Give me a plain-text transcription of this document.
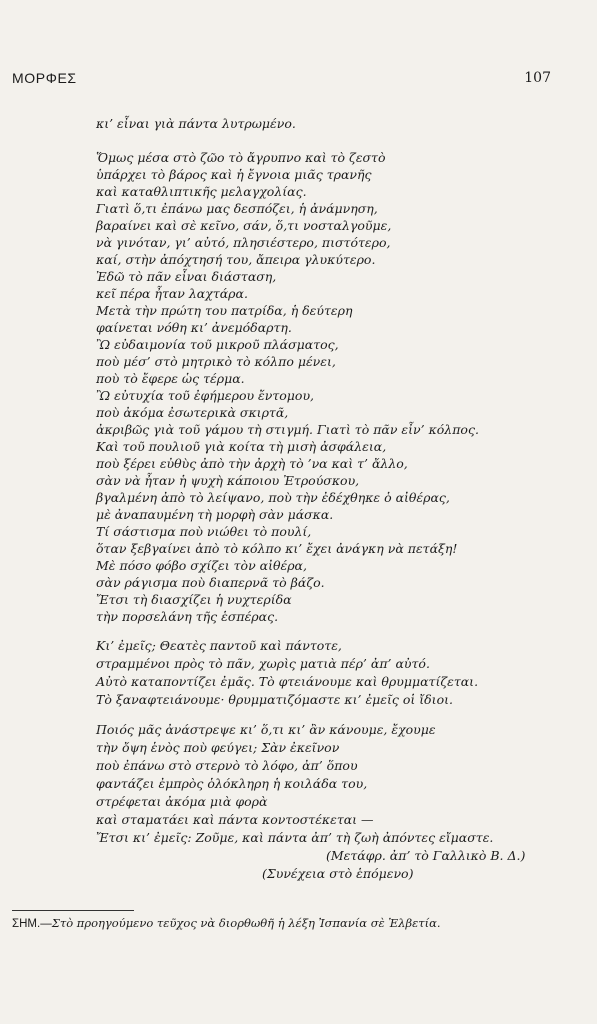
ΜΟΡΦΕΣ	107
κι’ εἶναι γιὰ πάντα λυτρωμένο.
Ὅμως μέσα στὸ ζῶο τὸ ἄγρυπνο καὶ τὸ ζεστὸ
ὑπάρχει τὸ βάρος καὶ ἡ ἔγνοια μιᾶς τρανῆς
καὶ καταθλιπτικῆς μελαγχολίας.
Γιατὶ ὅ,τι ἐπάνω μας δεσπόζει, ἡ ἀνάμνηση,
βαραίνει καὶ σὲ κεῖνο, σάν, ὅ,τι νοσταλγοῦμε,
νὰ γινόταν, γι’ αὐτό, πλησιέστερο, πιστότερο,
καί, στὴν ἀπόχτησή του, ἄπειρα γλυκύτερο.
Ἐδῶ τὸ πᾶν εἶναι διάσταση,
κεῖ πέρα ἦταν λαχτάρα.
Μετὰ τὴν πρώτη του πατρίδα, ἡ δεύτερη
φαίνεται νόθη κι’ ἀνεμόδαρτη.
Ὢ εὐδαιμονία τοῦ μικροῦ πλάσματος,
ποὺ μέσ’ στὸ μητρικὸ τὸ κόλπο μένει,
ποὺ τὸ ἔφερε ὡς τέρμα.
Ὢ εὐτυχία τοῦ ἐφήμερου ἔντομου,
ποὺ ἀκόμα ἐσωτερικὰ σκιρτᾶ,
ἀκριβῶς γιὰ τοῦ γάμου τὴ στιγμή. Γιατὶ τὸ πᾶν εἶν’ κόλπος.
Καὶ τοῦ πουλιοῦ γιὰ κοίτα τὴ μισὴ ἀσφάλεια,
ποὺ ξέρει εὐθὺς ἀπὸ τὴν ἀρχὴ τὸ ’να καὶ τ’ ἄλλο,
σὰν νὰ ἦταν ἡ ψυχὴ κάποιου Ἐτρούσκου,
βγαλμένη ἀπὸ τὸ λείψανο, ποὺ τὴν ἐδέχθηκε ὁ αἰθέρας,
μὲ ἀναπαυμένη τὴ μορφὴ σὰν μάσκα.
Τί σάστισμα ποὺ νιώθει τὸ πουλί,
ὅταν ξεβγαίνει ἀπὸ τὸ κόλπο κι’ ἔχει ἀνάγκη νὰ πετάξη!
Μὲ πόσο φόβο σχίζει τὸν αἰθέρα,
σὰν ράγισμα ποὺ διαπερνᾶ τὸ βάζο.
Ἔτσι τὴ διασχίζει ἡ νυχτερίδα
τὴν πορσελάνη τῆς ἑσπέρας.
Κι’ ἐμεῖς; Θεατὲς παντοῦ καὶ πάντοτε,
στραμμένοι πρὸς τὸ πᾶν, χωρὶς ματιὰ πέρ’ ἀπ’ αὐτό.
Αὐτὸ καταποντίζει ἐμᾶς. Τὸ φτειάνουμε καὶ θρυμματίζεται.
Τὸ ξαναφτειάνουμε· θρυμματιζόμαστε κι’ ἐμεῖς οἱ ἴδιοι.
Ποιός μᾶς ἀνάστρεψε κι’ ὅ,τι κι’ ἂν κάνουμε, ἔχουμε
τὴν ὄψη ἑνὸς ποὺ φεύγει; Σὰν ἐκεῖνον
ποὺ ἐπάνω στὸ στερνὸ τὸ λόφο, ἀπ’ ὅπου
φαντάζει ἐμπρὸς ὁλόκληρη ἡ κοιλάδα του,
στρέφεται ἀκόμα μιὰ φορὰ
καὶ σταματάει καὶ πάντα κοντοστέκεται —
Ἔτσι κι’ ἐμεῖς: Ζοῦμε, καὶ πάντα ἀπ’ τὴ ζωὴ ἀπόντες εἴμαστε.
(Μετάφρ. ἀπ’ τὸ Γαλλικὸ Β. Δ.)
(Συνέχεια στὸ ἑπόμενο)
ΣΗΜ.—Στὸ προηγούμενο τεῦχος νὰ διορθωθῆ ἡ λέξη Ἰσπανία σὲ Ἐλβετία.
